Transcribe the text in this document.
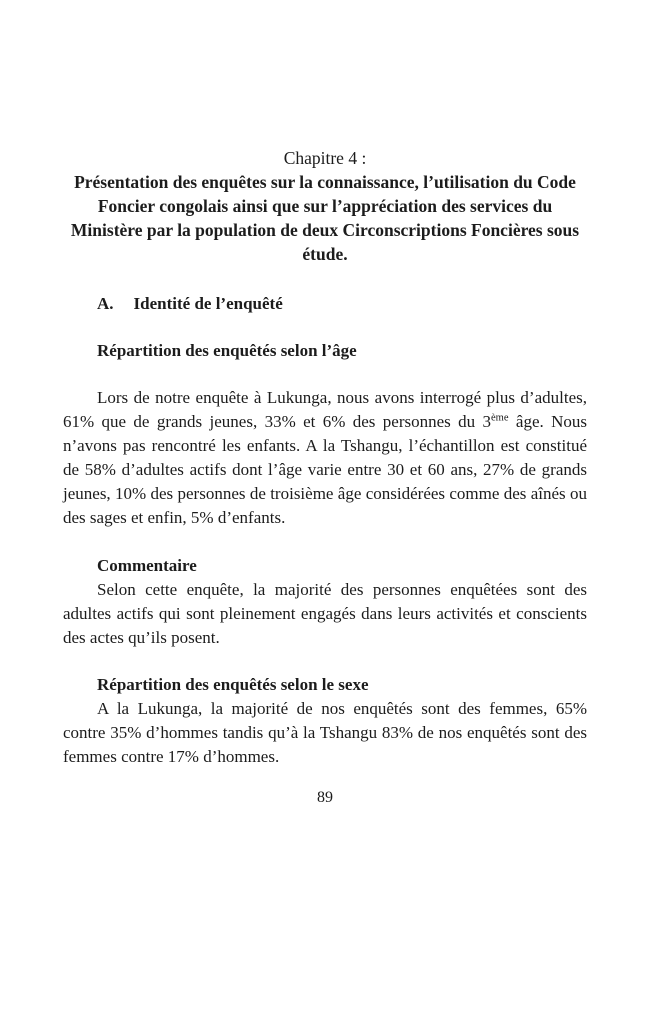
Chapitre 4 :
Présentation des enquêtes sur la connaissance, l’utilisation du Code Foncier congolais ainsi que sur l’appréciation des services du Ministère par la population de deux Circonscriptions Foncières sous étude.
A. Identité de l’enquêté
Répartition des enquêtés selon l’âge

Lors de notre enquête à Lukunga, nous avons interrogé plus d’adultes, 61% que de grands jeunes, 33% et 6% des personnes du 3ème âge. Nous n’avons pas rencontré les enfants. A la Tshangu, l’échantillon est constitué de 58% d’adultes actifs dont l’âge varie entre 30 et 60 ans, 27% de grands jeunes, 10% des personnes de troisième âge considérées comme des aînés ou des sages et enfin, 5% d’enfants.

Commentaire

Selon cette enquête, la majorité des personnes enquêtées sont des adultes actifs qui sont pleinement engagés dans leurs activités et conscients des actes qu’ils posent.

Répartition des enquêtés selon le sexe

A la Lukunga, la majorité de nos enquêtés sont des femmes, 65% contre 35% d’hommes tandis qu’à la Tshangu 83% de nos enquêtés sont des femmes contre 17% d’hommes.

89
